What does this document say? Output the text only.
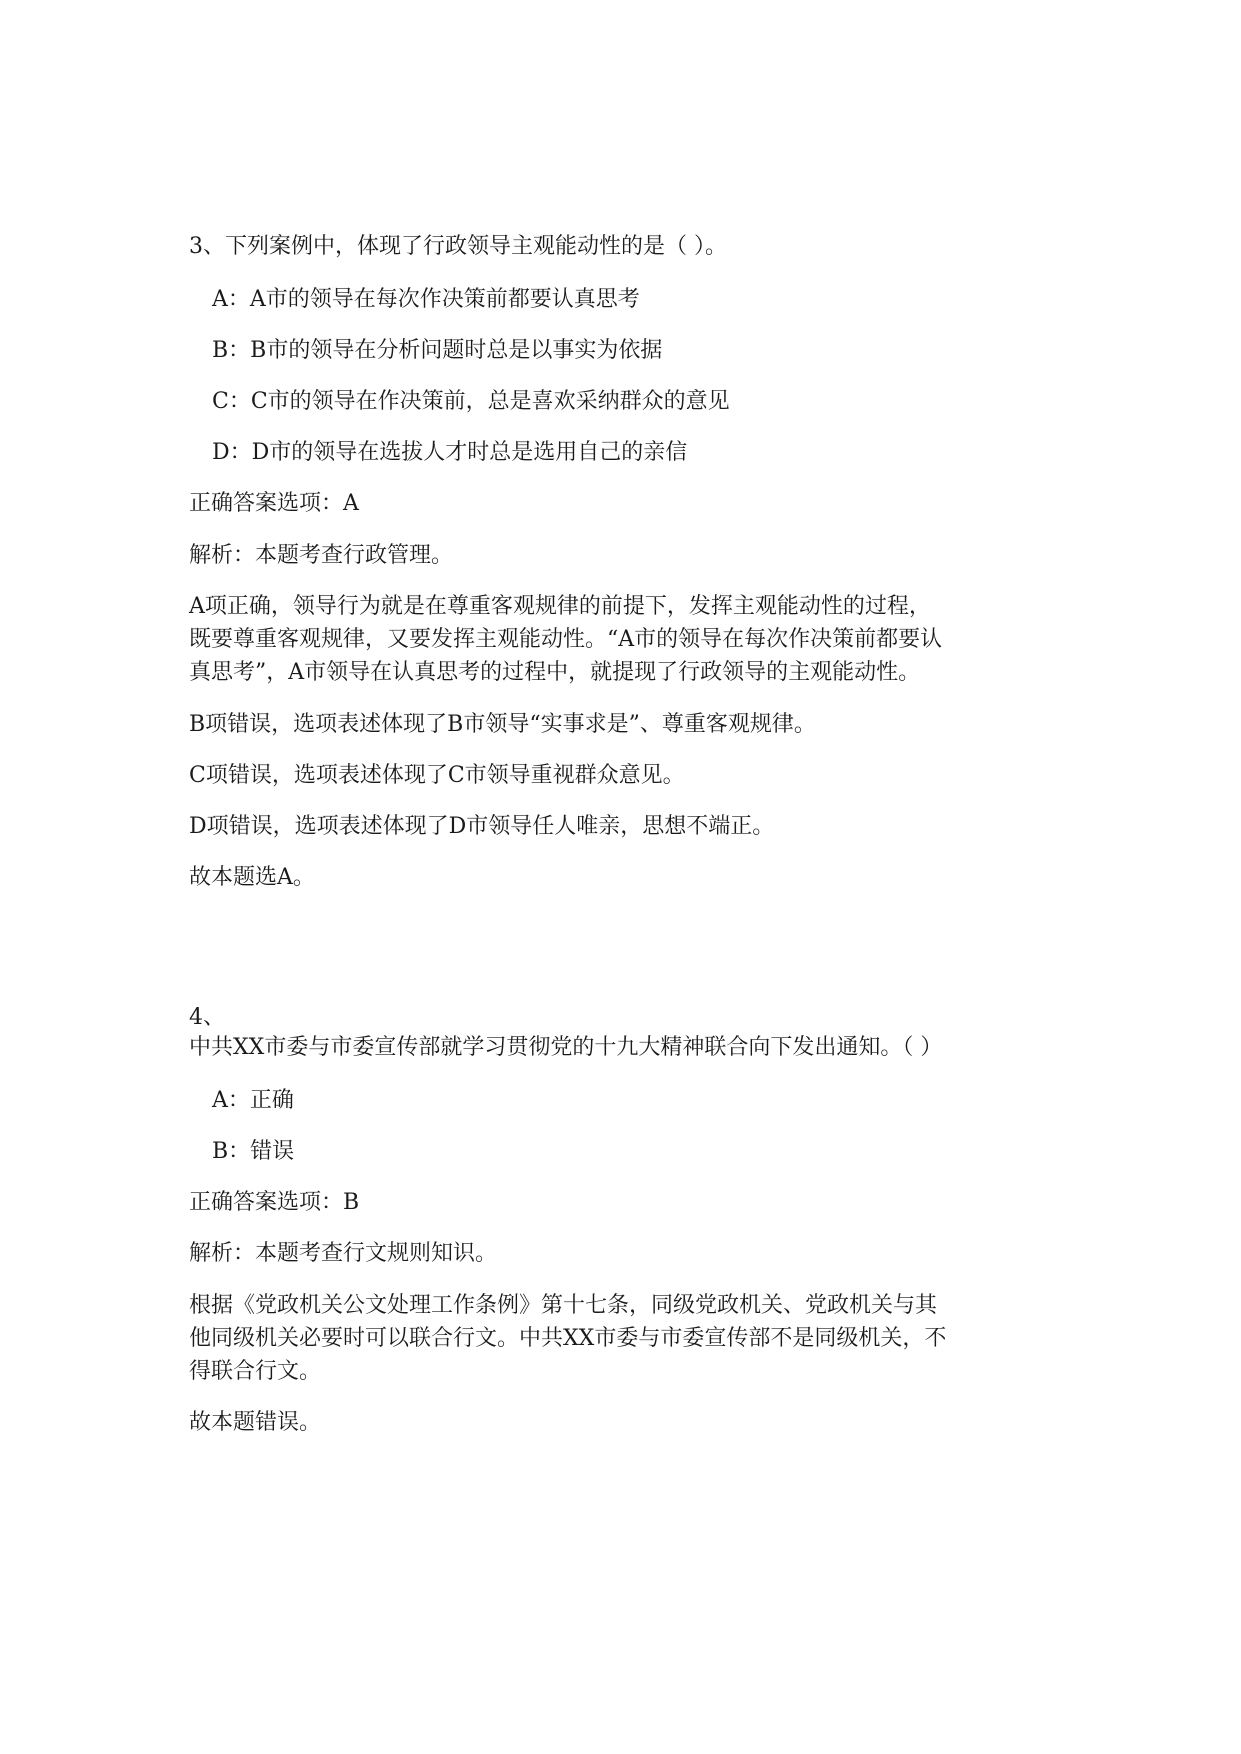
3、下列案例中，体现了行政领导主观能动性的是（ ）。
A：A市的领导在每次作决策前都要认真思考
B：B市的领导在分析问题时总是以事实为依据
C：C市的领导在作决策前，总是喜欢采纳群众的意见
D：D市的领导在选拔人才时总是选用自己的亲信
正确答案选项：A
解析：本题考查行政管理。
A项正确，领导行为就是在尊重客观规律的前提下，发挥主观能动性的过程，
既要尊重客观规律，又要发挥主观能动性。“A市的领导在每次作决策前都要认
真思考”，A市领导在认真思考的过程中，就提现了行政领导的主观能动性。
B项错误，选项表述体现了B市领导“实事求是”、尊重客观规律。
C项错误，选项表述体现了C市领导重视群众意见。
D项错误，选项表述体现了D市领导任人唯亲，思想不端正。
故本题选A。
4、
中共XX市委与市委宣传部就学习贯彻党的十九大精神联合向下发出通知。（ ）
A：正确
B：错误
正确答案选项：B
解析：本题考查行文规则知识。
根据《党政机关公文处理工作条例》第十七条，同级党政机关、党政机关与其
他同级机关必要时可以联合行文。中共XX市委与市委宣传部不是同级机关，不
得联合行文。
故本题错误。
